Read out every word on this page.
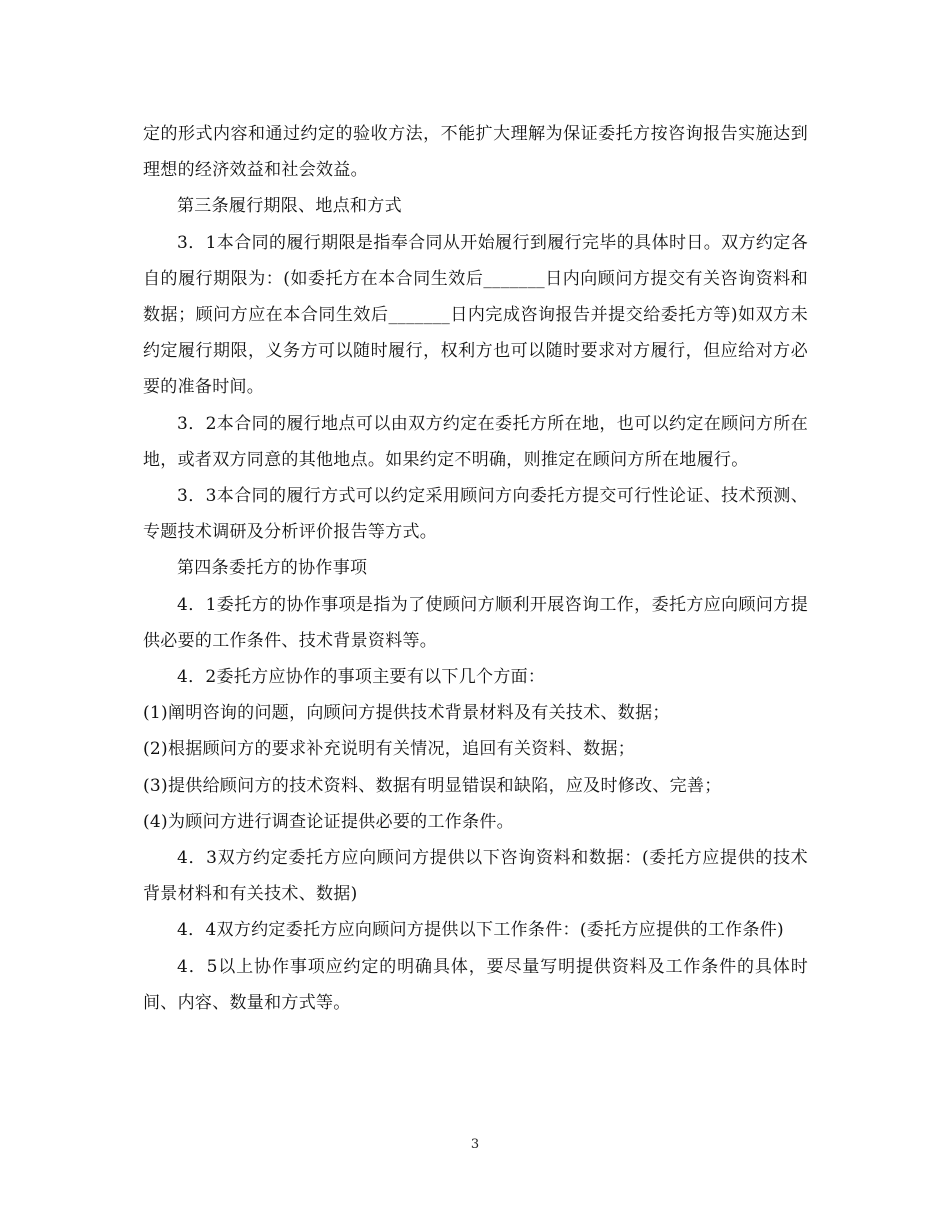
定的形式内容和通过约定的验收方法，不能扩大理解为保证委托方按咨询报告实施达到理想的经济效益和社会效益。

第三条履行期限、地点和方式

3．1本合同的履行期限是指奉合同从开始履行到履行完毕的具体时日。双方约定各自的履行期限为：(如委托方在本合同生效后_______日内向顾问方提交有关咨询资料和数据；顾问方应在本合同生效后_______日内完成咨询报告并提交给委托方等)如双方未约定履行期限，义务方可以随时履行，权利方也可以随时要求对方履行，但应给对方必要的准备时间。

3．2本合同的履行地点可以由双方约定在委托方所在地，也可以约定在顾问方所在地，或者双方同意的其他地点。如果约定不明确，则推定在顾问方所在地履行。

3．3本合同的履行方式可以约定采用顾问方向委托方提交可行性论证、技术预测、专题技术调研及分析评价报告等方式。

第四条委托方的协作事项

4．1委托方的协作事项是指为了使顾问方顺利开展咨询工作，委托方应向顾问方提供必要的工作条件、技术背景资料等。

4．2委托方应协作的事项主要有以下几个方面：

(1)阐明咨询的问题，向顾问方提供技术背景材料及有关技术、数据；

(2)根据顾问方的要求补充说明有关情况，追回有关资料、数据；

(3)提供给顾问方的技术资料、数据有明显错误和缺陷，应及时修改、完善；

(4)为顾问方进行调查论证提供必要的工作条件。

4．3双方约定委托方应向顾问方提供以下咨询资料和数据：(委托方应提供的技术背景材料和有关技术、数据)

4．4双方约定委托方应向顾问方提供以下工作条件：(委托方应提供的工作条件)

4．5以上协作事项应约定的明确具体，要尽量写明提供资料及工作条件的具体时间、内容、数量和方式等。

3
